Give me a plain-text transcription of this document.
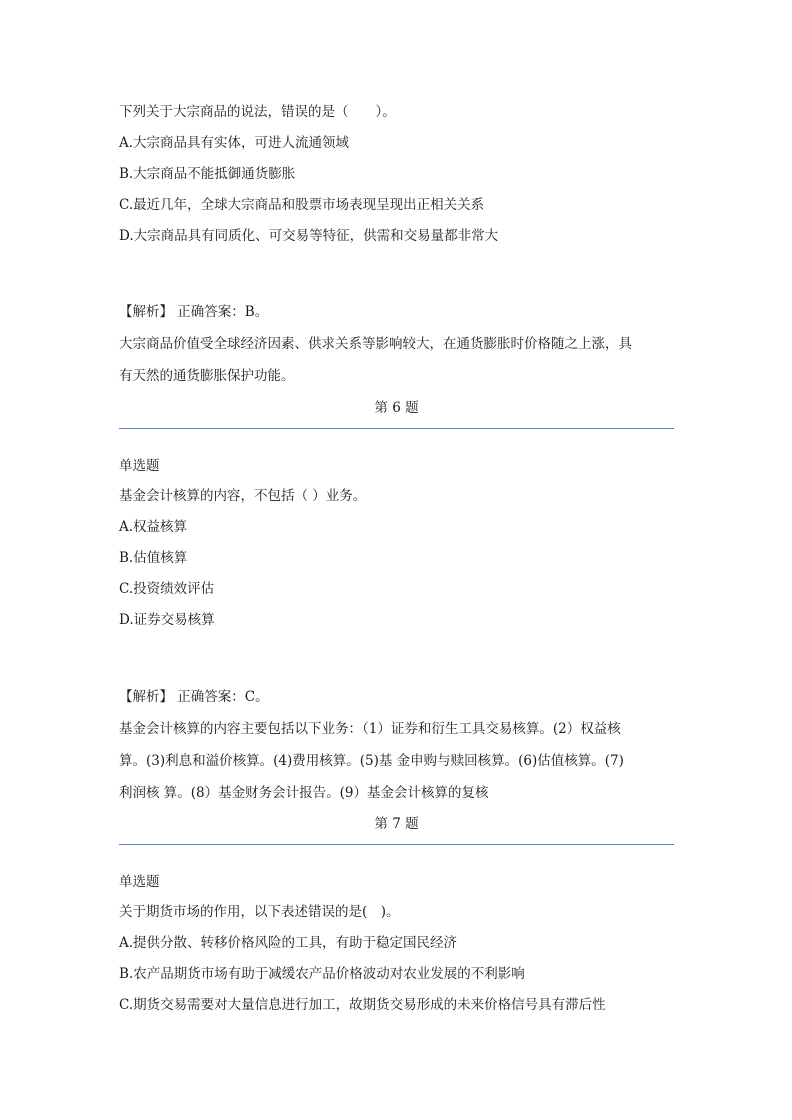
下列关于大宗商品的说法，错误的是（　　）。
A.大宗商品具有实体，可进人流通领域
B.大宗商品不能抵御通货膨胀
C.最近几年，全球大宗商品和股票市场表现呈现出正相关关系
D.大宗商品具有同质化、可交易等特征，供需和交易量都非常大
【解析】 正确答案：B。
大宗商品价值受全球经济因素、供求关系等影响较大，在通货膨胀时价格随之上涨，具
有天然的通货膨胀保护功能。
第 6 题
单选题
基金会计核算的内容，不包括（ ）业务。
A.权益核算
B.估值核算
C.投资绩效评估
D.证券交易核算
【解析】 正确答案：C。
基金会计核算的内容主要包括以下业务：（1）证券和衍生工具交易核算。(2）权益核
算。(3)利息和溢价核算。(4)费用核算。(5)基 金申购与赎回核算。(6)估值核算。(7)
利润核 算。(8）基金财务会计报告。(9）基金会计核算的复核
第 7 题
单选题
关于期货市场的作用，以下表述错误的是(　)。
A.提供分散、转移价格风险的工具，有助于稳定国民经济
B.农产品期货市场有助于减缓农产品价格波动对农业发展的不利影响
C.期货交易需要对大量信息进行加工，故期货交易形成的未来价格信号具有滞后性
